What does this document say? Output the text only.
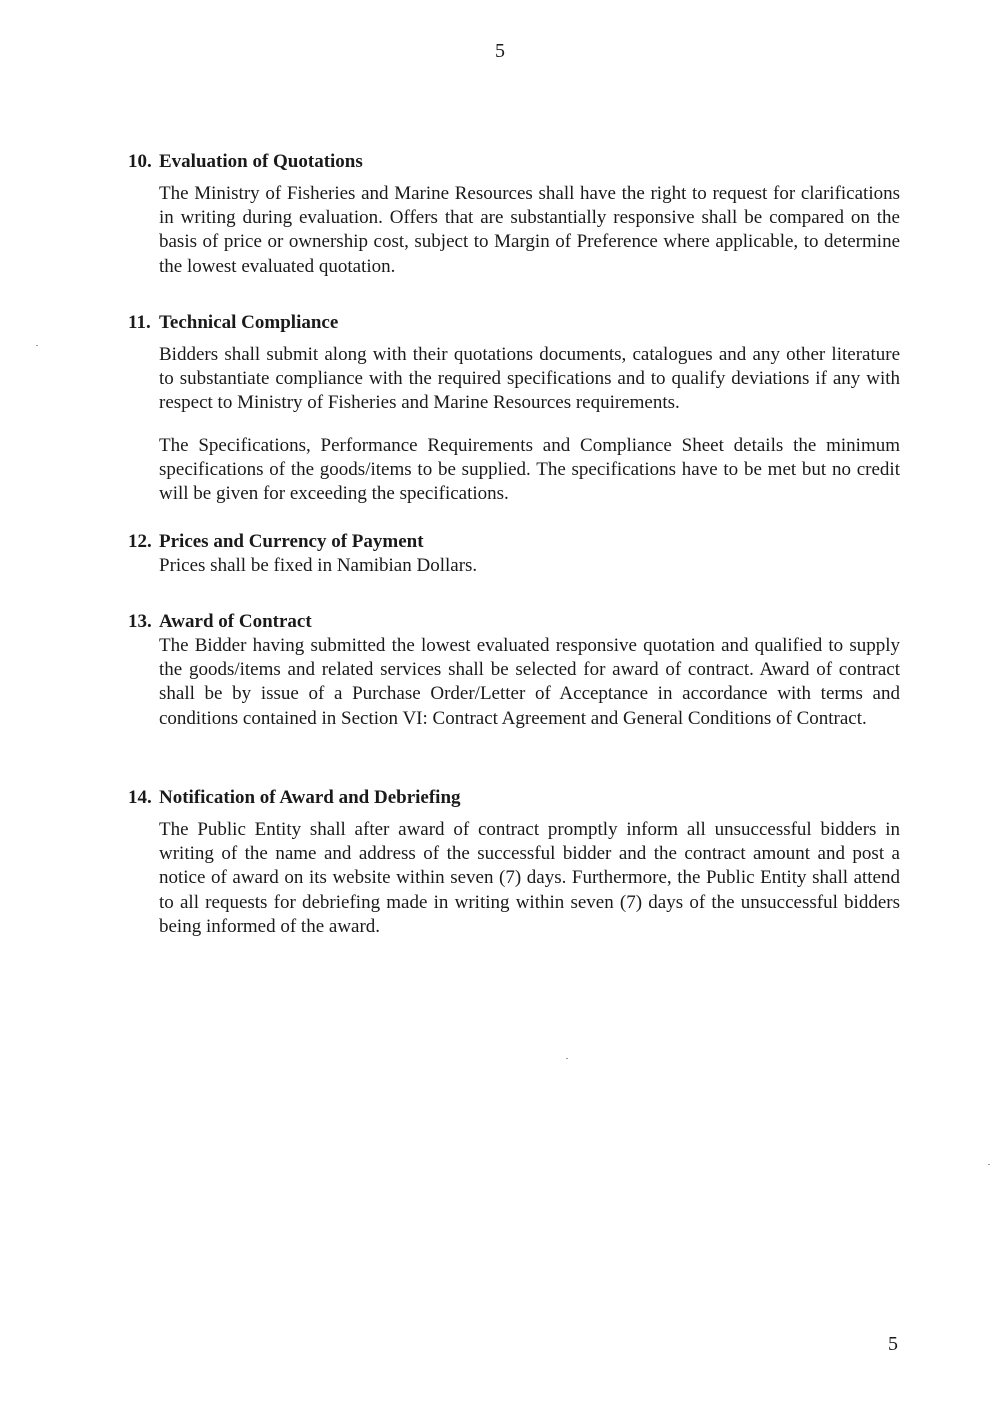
5
10. Evaluation of Quotations

The Ministry of Fisheries and Marine Resources shall have the right to request for clarifications in writing during evaluation. Offers that are substantially responsive shall be compared on the basis of price or ownership cost, subject to Margin of Preference where applicable, to determine the lowest evaluated quotation.

11. Technical Compliance

Bidders shall submit along with their quotations documents, catalogues and any other literature to substantiate compliance with the required specifications and to qualify deviations if any with respect to Ministry of Fisheries and Marine Resources requirements.

The Specifications, Performance Requirements and Compliance Sheet details the minimum specifications of the goods/items to be supplied. The specifications have to be met but no credit will be given for exceeding the specifications.

12. Prices and Currency of Payment

Prices shall be fixed in Namibian Dollars.

13. Award of Contract

The Bidder having submitted the lowest evaluated responsive quotation and qualified to supply the goods/items and related services shall be selected for award of contract. Award of contract shall be by issue of a Purchase Order/Letter of Acceptance in accordance with terms and conditions contained in Section VI: Contract Agreement and General Conditions of Contract.

14. Notification of Award and Debriefing

The Public Entity shall after award of contract promptly inform all unsuccessful bidders in writing of the name and address of the successful bidder and the contract amount and post a notice of award on its website within seven (7) days. Furthermore, the Public Entity shall attend to all requests for debriefing made in writing within seven (7) days of the unsuccessful bidders being informed of the award.

5
